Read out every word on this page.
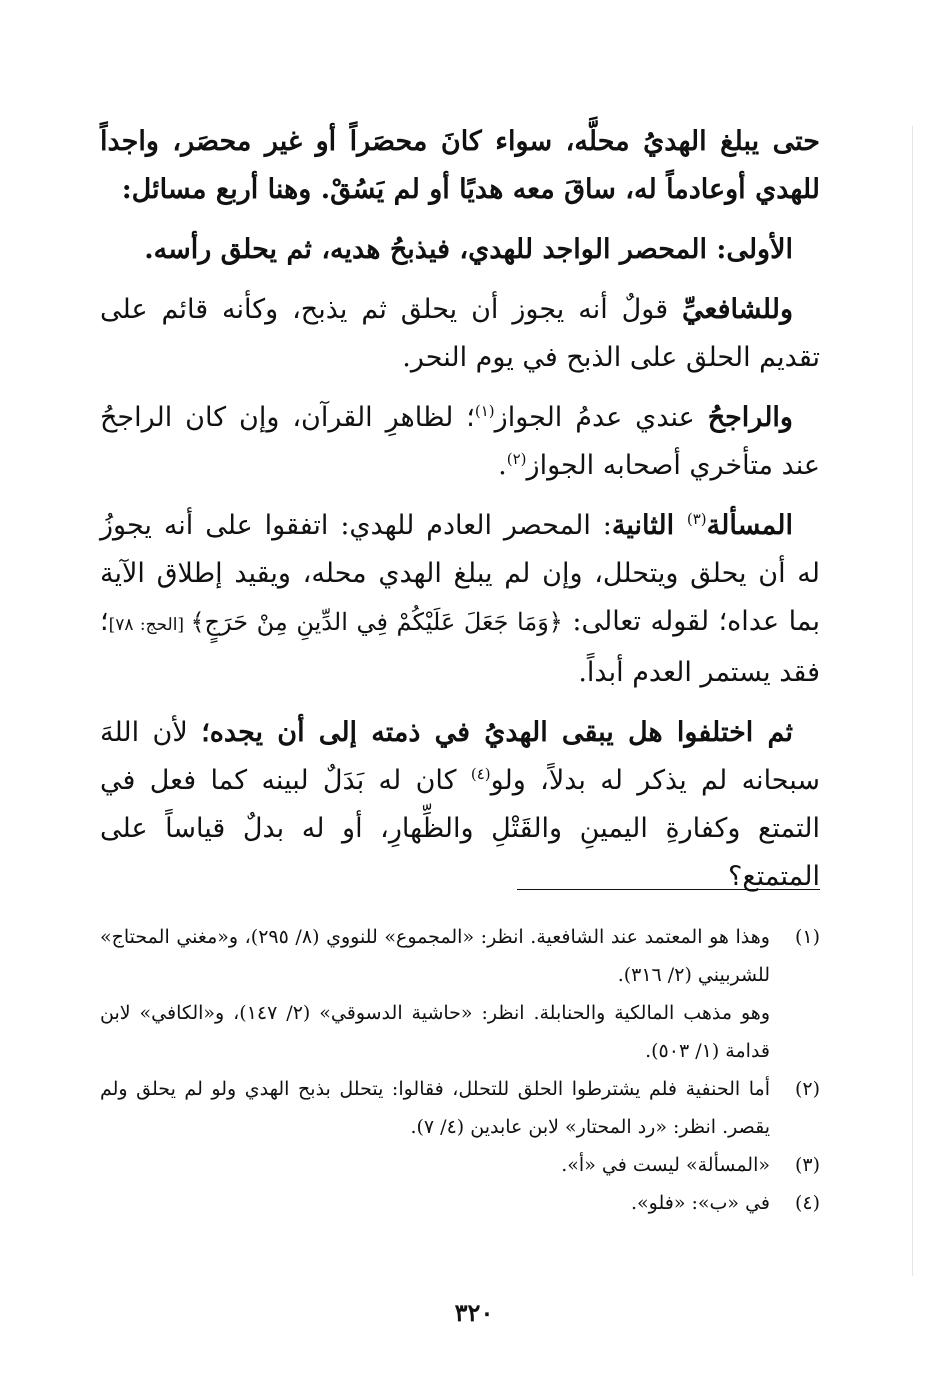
حتى يبلغ الهديُ محلَّه، سواء كانَ محصَراً أو غير محصَر، واجداً للهدي أوعادماً له، ساقَ معه هديًا أو لم يَسُقْ. وهنا أربع مسائل:

 الأولى: المحصر الواجد للهدي، فيذبحُ هديه، ثم يحلق رأسه.

 وللشافعيِّ قولٌ أنه يجوز أن يحلق ثم يذبح، وكأنه قائم على تقديم الحلق على الذبح في يوم النحر.

 والراجحُ عندي عدمُ الجواز$^{(١)}$؛ لظاهرِ القرآن، وإن كان الراجحُ عند متأخري أصحابه الجواز$^{(٢)}$.

 المسألة$^{(٣)}$ الثانية: المحصر العادم للهدي: اتفقوا على أنه يجوزُ له أن يحلق ويتحلل، وإن لم يبلغ الهدي محله، ويقيد إطلاق الآية بما عداه؛ لقوله تعالى: ﴿وَمَا جَعَلَ عَلَيْكُمْ فِي الدِّينِ مِنْ حَرَجٍ﴾ [الحج: ٧٨]؛ فقد يستمر العدم أبداً.

 ثم اختلفوا هل يبقى الهديُ في ذمته إلى أن يجده؛ لأن اللهَ سبحانه لم يذكر له بدلاً، ولو$^{(٤)}$ كان له بَدَلٌ لبينه كما فعل في التمتع وكفارةِ اليمينِ والقَتْلِ والظِّهارِ، أو له بدلٌ قياساً على المتمتع؟

(١)
وهذا هو المعتمد عند الشافعية. انظر: «المجموع» للنووي (٨/ ٢٩٥)، و«مغني المحتاج» للشربيني (٢/ ٣١٦).
وهو مذهب المالكية والحنابلة. انظر: «حاشية الدسوقي» (٢/ ١٤٧)، و«الكافي» لابن قدامة (١/ ٥٠٣).
(٢)
أما الحنفية فلم يشترطوا الحلق للتحلل، فقالوا: يتحلل بذبح الهدي ولو لم يحلق ولم يقصر. انظر: «رد المحتار» لابن عابدين (٤/ ٧).
(٣)
«المسألة» ليست في «أ».
(٤)
في «ب»: «فلو».
٣٢٠
